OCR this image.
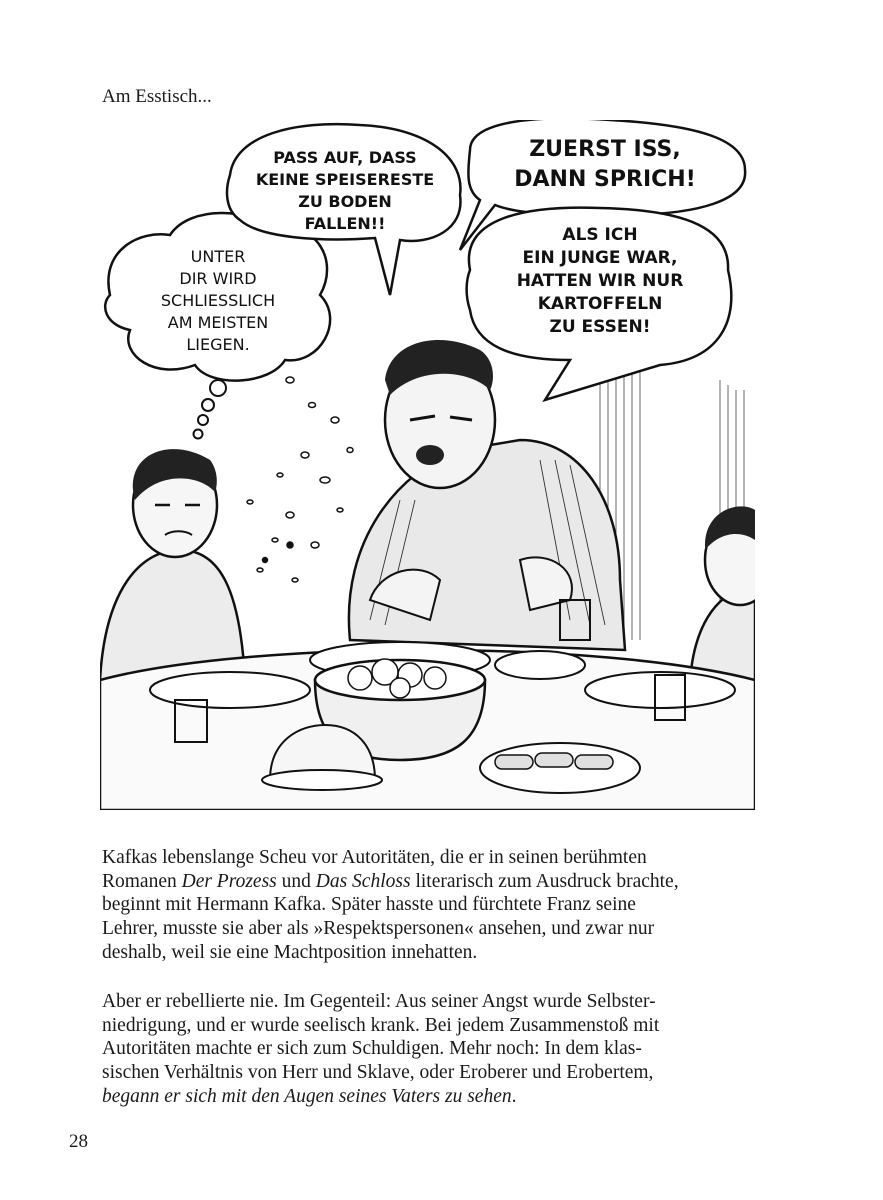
Am Esstisch...
UNTER
DIR WIRD
SCHLIESSLICH
AM MEISTEN
LIEGEN.
PASS AUF, DASS
KEINE SPEISERESTE
ZU BODEN
FALLEN!!
ZUERST ISS,
DANN SPRICH!
ALS ICH
EIN JUNGE WAR,
HATTEN WIR NUR
KARTOFFELN
ZU ESSEN!

Kafkas lebenslange Scheu vor Autoritäten, die er in seinen berühmten
Romanen Der Prozess und Das Schloss literarisch zum Ausdruck brachte,
beginnt mit Hermann Kafka. Später hasste und fürchtete Franz seine
Lehrer, musste sie aber als »Respektspersonen« ansehen, und zwar nur
deshalb, weil sie eine Machtposition innehatten.

Aber er rebellierte nie. Im Gegenteil: Aus seiner Angst wurde Selbster-
niedrigung, und er wurde seelisch krank. Bei jedem Zusammenstoß mit
Autoritäten machte er sich zum Schuldigen. Mehr noch: In dem klas-
sischen Verhältnis von Herr und Sklave, oder Eroberer und Erobertem,
begann er sich mit den Augen seines Vaters zu sehen.

28
